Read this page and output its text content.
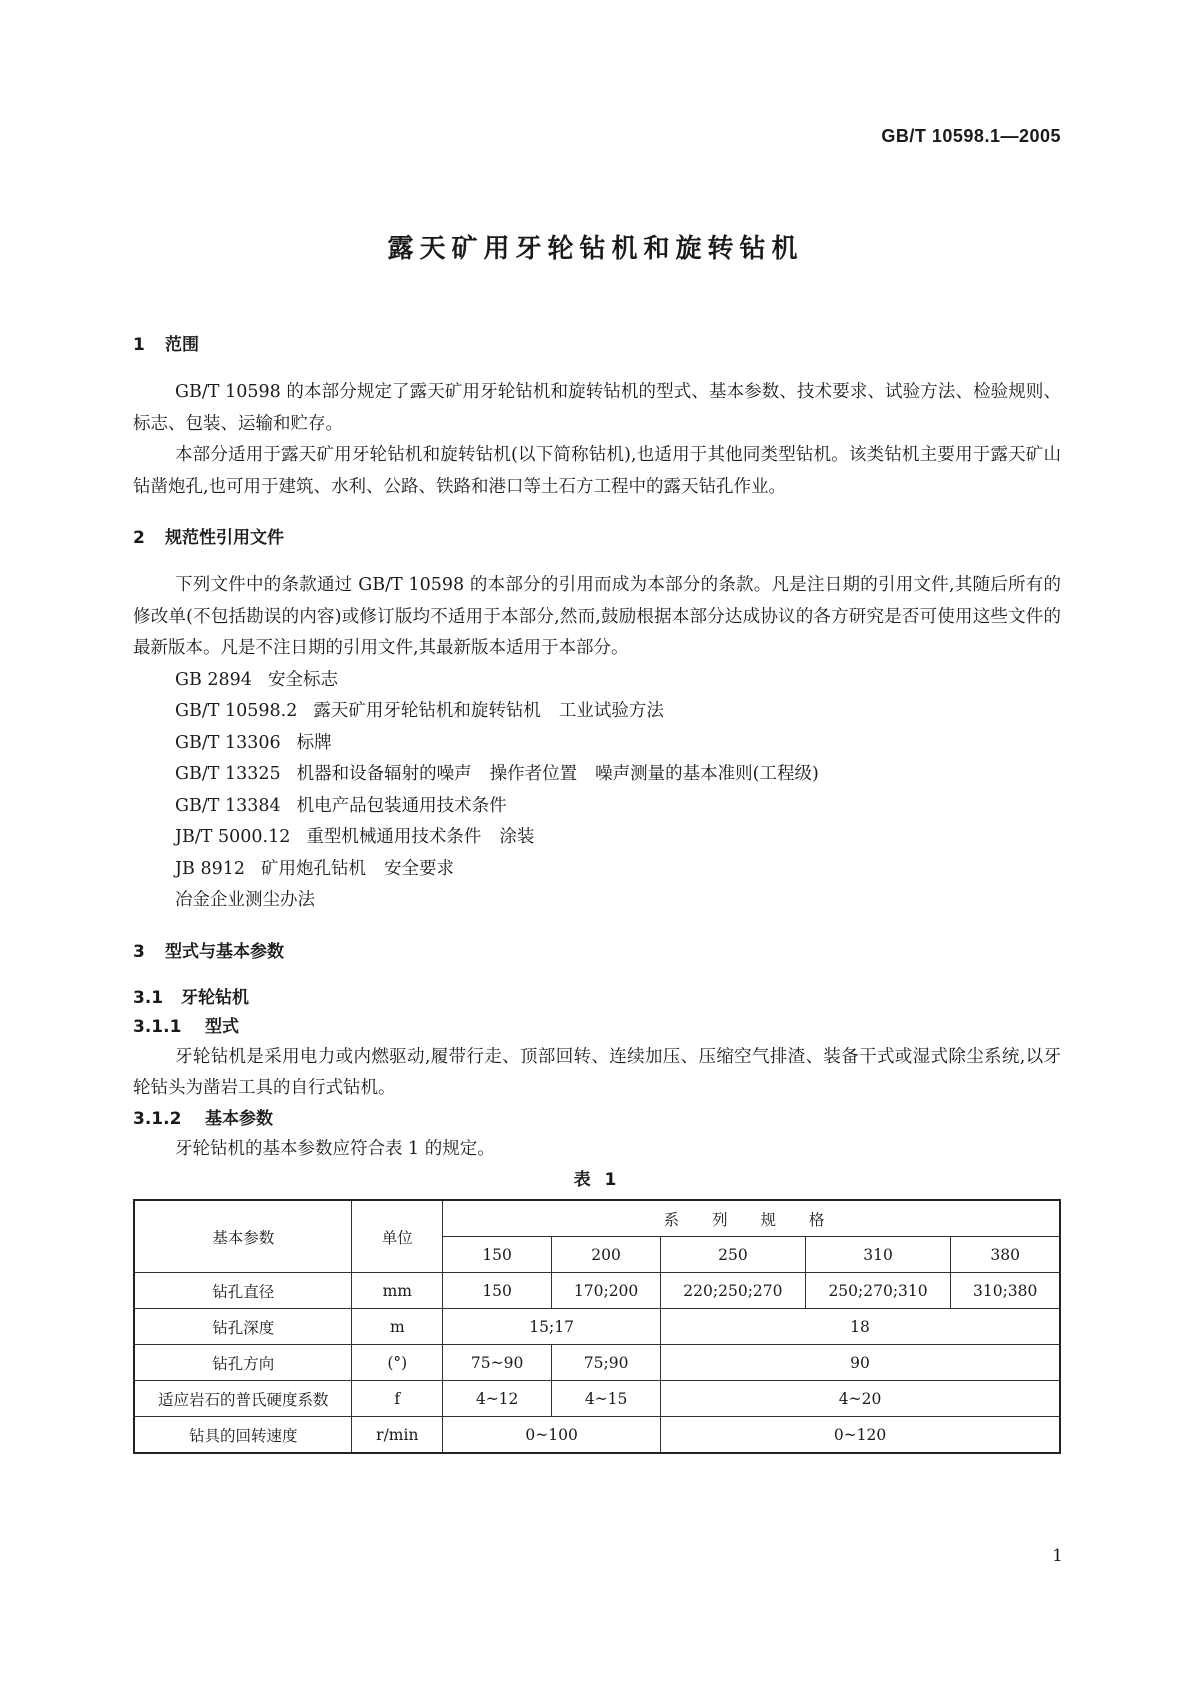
GB/T 10598.1—2005
露天矿用牙轮钻机和旋转钻机
1 范围

GB/T 10598 的本部分规定了露天矿用牙轮钻机和旋转钻机的型式、基本参数、技术要求、试验方法、检验规则、标志、包装、运输和贮存。

本部分适用于露天矿用牙轮钻机和旋转钻机(以下简称钻机),也适用于其他同类型钻机。该类钻机主要用于露天矿山钻凿炮孔,也可用于建筑、水利、公路、铁路和港口等土石方工程中的露天钻孔作业。

2 规范性引用文件

下列文件中的条款通过 GB/T 10598 的本部分的引用而成为本部分的条款。凡是注日期的引用文件,其随后所有的修改单(不包括勘误的内容)或修订版均不适用于本部分,然而,鼓励根据本部分达成协议的各方研究是否可使用这些文件的最新版本。凡是不注日期的引用文件,其最新版本适用于本部分。

GB 2894 安全标志
GB/T 10598.2 露天矿用牙轮钻机和旋转钻机 工业试验方法
GB/T 13306 标牌
GB/T 13325 机器和设备辐射的噪声 操作者位置 噪声测量的基本准则(工程级)
GB/T 13384 机电产品包装通用技术条件
JB/T 5000.12 重型机械通用技术条件 涂装
JB 8912 矿用炮孔钻机 安全要求
冶金企业测尘办法
3 型式与基本参数
3.1 牙轮钻机
3.1.1 型式

牙轮钻机是采用电力或内燃驱动,履带行走、顶部回转、连续加压、压缩空气排渣、装备干式或湿式除尘系统,以牙轮钻头为凿岩工具的自行式钻机。

3.1.2 基本参数

牙轮钻机的基本参数应符合表 1 的规定。

表 1
基本参数	单位	系 列 规 格				
		150	200	250	310	380
钻孔直径	mm	150	170;200	220;250;270	250;270;310	310;380
钻孔深度	m	15;17		18		
钻孔方向	(°)	75~90	75;90	90		
适应岩石的普氏硬度系数	f	4~12	4~15	4~20		
钻具的回转速度	r/min	0~100		0~120		
1
